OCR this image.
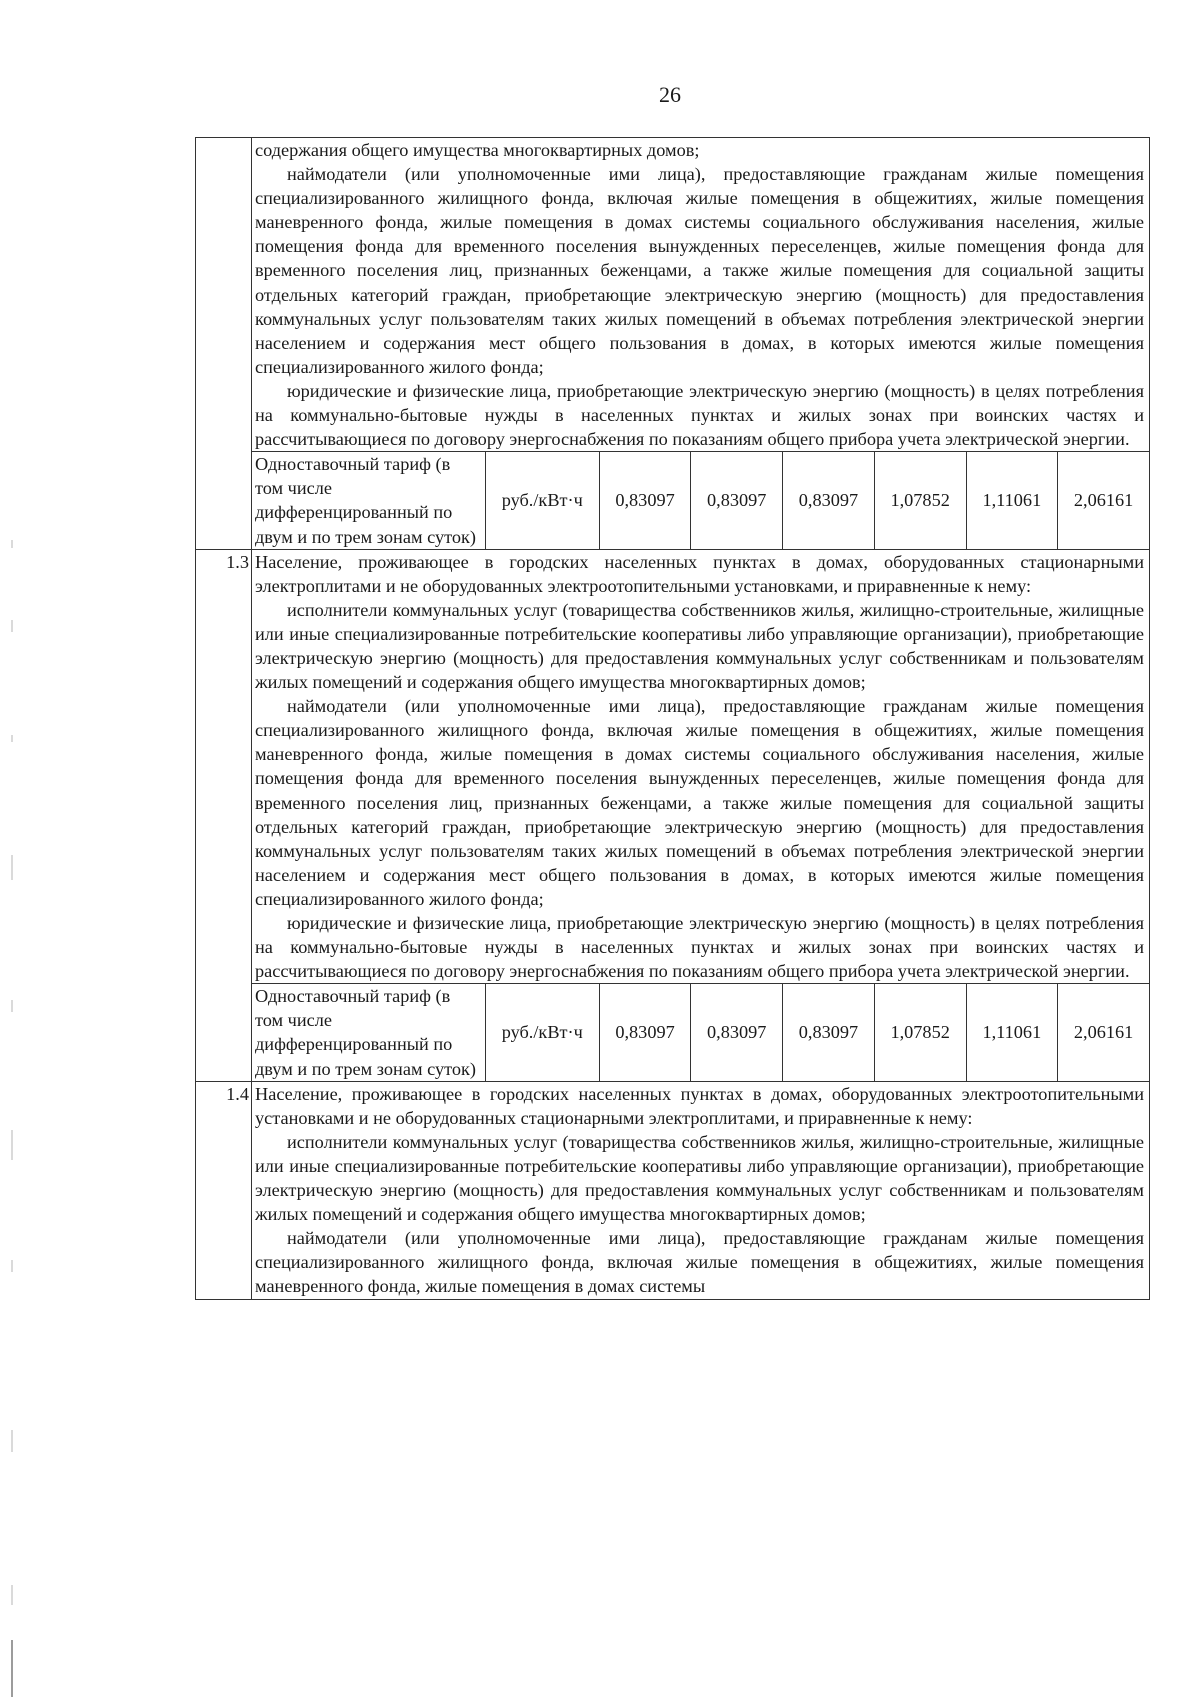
26

содержания общего имущества многоквартирных домов;

наймодатели (или уполномоченные ими лица), предоставляющие гражданам жилые помещения специализированного жилищного фонда, включая жилые помещения в общежитиях, жилые помещения маневренного фонда, жилые помещения в домах системы социального обслуживания населения, жилые помещения фонда для временного поселения вынужденных переселенцев, жилые помещения фонда для временного поселения лиц, признанных беженцами, а также жилые помещения для социальной защиты отдельных категорий граждан, приобретающие электрическую энергию (мощность) для предоставления коммунальных услуг пользователям таких жилых помещений в объемах потребления электрической энергии населением и содержания мест общего пользования в домах, в которых имеются жилые помещения специализированного жилого фонда;

юридические и физические лица, приобретающие электрическую энергию (мощность) в целях потребления на коммунально-бытовые нужды в населенных пунктах и жилых зонах при воинских частях и рассчитывающиеся по договору энергоснабжения по показаниям общего прибора учета электрической энергии.

Одноставочный тариф (в том числе дифференцированный по двум и по трем зонам суток)	руб./кВт·ч	0,83097	0,83097	0,83097	1,07852	1,11061	2,06161

1.3	Население, проживающее в городских населенных пунктах в домах, оборудованных стационарными электроплитами и не оборудованных электроотопительными установками, и приравненные к нему:

исполнители коммунальных услуг (товарищества собственников жилья, жилищно-строительные, жилищные или иные специализированные потребительские кооперативы либо управляющие организации), приобретающие электрическую энергию (мощность) для предоставления коммунальных услуг собственникам и пользователям жилых помещений и содержания общего имущества многоквартирных домов;

наймодатели (или уполномоченные ими лица), предоставляющие гражданам жилые помещения специализированного жилищного фонда, включая жилые помещения в общежитиях, жилые помещения маневренного фонда, жилые помещения в домах системы социального обслуживания населения, жилые помещения фонда для временного поселения вынужденных переселенцев, жилые помещения фонда для временного поселения лиц, признанных беженцами, а также жилые помещения для социальной защиты отдельных категорий граждан, приобретающие электрическую энергию (мощность) для предоставления коммунальных услуг пользователям таких жилых помещений в объемах потребления электрической энергии населением и содержания мест общего пользования в домах, в которых имеются жилые помещения специализированного жилого фонда;

юридические и физические лица, приобретающие электрическую энергию (мощность) в целях потребления на коммунально-бытовые нужды в населенных пунктах и жилых зонах при воинских частях и рассчитывающиеся по договору энергоснабжения по показаниям общего прибора учета электрической энергии.

Одноставочный тариф (в том числе дифференцированный по двум и по трем зонам суток)	руб./кВт·ч	0,83097	0,83097	0,83097	1,07852	1,11061	2,06161

1.4	Население, проживающее в городских населенных пунктах в домах, оборудованных электроотопительными установками и не оборудованных стационарными электроплитами, и приравненные к нему:

исполнители коммунальных услуг (товарищества собственников жилья, жилищно-строительные, жилищные или иные специализированные потребительские кооперативы либо управляющие организации), приобретающие электрическую энергию (мощность) для предоставления коммунальных услуг собственникам и пользователям жилых помещений и содержания общего имущества многоквартирных домов;

наймодатели (или уполномоченные ими лица), предоставляющие гражданам жилые помещения специализированного жилищного фонда, включая жилые помещения в общежитиях, жилые помещения маневренного фонда, жилые помещения в домах системы
